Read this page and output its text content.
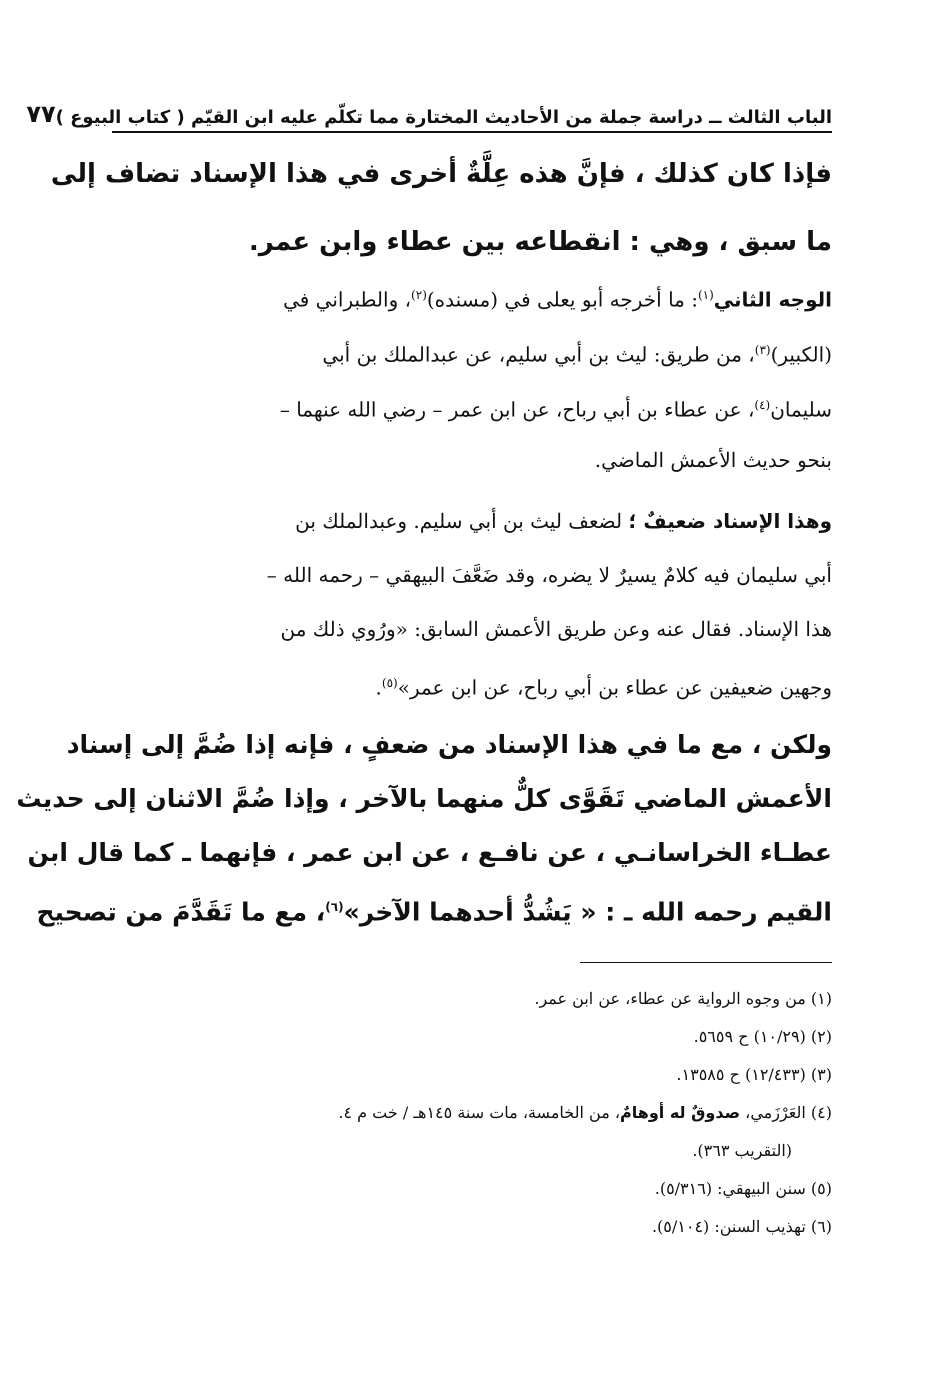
الباب الثالث ــ دراسة جملة من الأحاديث المختارة مما تكلّم عليه ابن القيّم ( كتاب البيوع )
٧٧
فإذا كان كذلك ، فإنَّ هذه عِلَّةٌ أخرى في هذا الإسناد تضاف إلى
ما سبق ، وهي : انقطاعه بين عطاء وابن عمر.
الوجه الثاني$^{(١)}$: ما أخرجه أبو يعلى في (مسنده)$^{(٢)}$، والطبراني في
(الكبير)$^{(٣)}$، من طريق: ليث بن أبي سليم، عن عبدالملك بن أبي
سليمان$^{(٤)}$، عن عطاء بن أبي رباح، عن ابن عمر – رضي الله عنهما –
بنحو حديث الأعمش الماضي.
وهذا الإسناد ضعيفٌ ؛ لضعف ليث بن أبي سليم. وعبدالملك بن
أبي سليمان فيه كلامٌ يسيرٌ لا يضره، وقد ضَعَّفَ البيهقي – رحمه الله –
هذا الإسناد. فقال عنه وعن طريق الأعمش السابق: «ورُوي ذلك من
وجهين ضعيفين عن عطاء بن أبي رباح، عن ابن عمر»$^{(٥)}$.
ولكن ، مع ما في هذا الإسناد من ضعفٍ ، فإنه إذا ضُمَّ إلى إسناد
الأعمش الماضي تَقَوَّى كلٌّ منهما بالآخر ، وإذا ضُمَّ الاثنان إلى حديث
عطـاء الخراسانـي ، عن نافـع ، عن ابن عمر ، فإنهما ـ كما قال ابن
القيم رحمه الله ـ : « يَشُدُّ أحدهما الآخر»$^{(٦)}$، مع ما تَقَدَّمَ من تصحيح
(١) من وجوه الرواية عن عطاء، عن ابن عمر.
(٢) (١٠/٢٩) ح ٥٦٥٩.
(٣) (١٢/٤٣٣) ح ١٣٥٨٥.
(٤) العَرْزَمي، صدوقٌ له أوهامٌ، من الخامسة، مات سنة ١٤٥هـ / خت م ٤.
(التقريب ٣٦٣).
(٥) سنن البيهقي: (٥/٣١٦).
(٦) تهذيب السنن: (٥/١٠٤).
